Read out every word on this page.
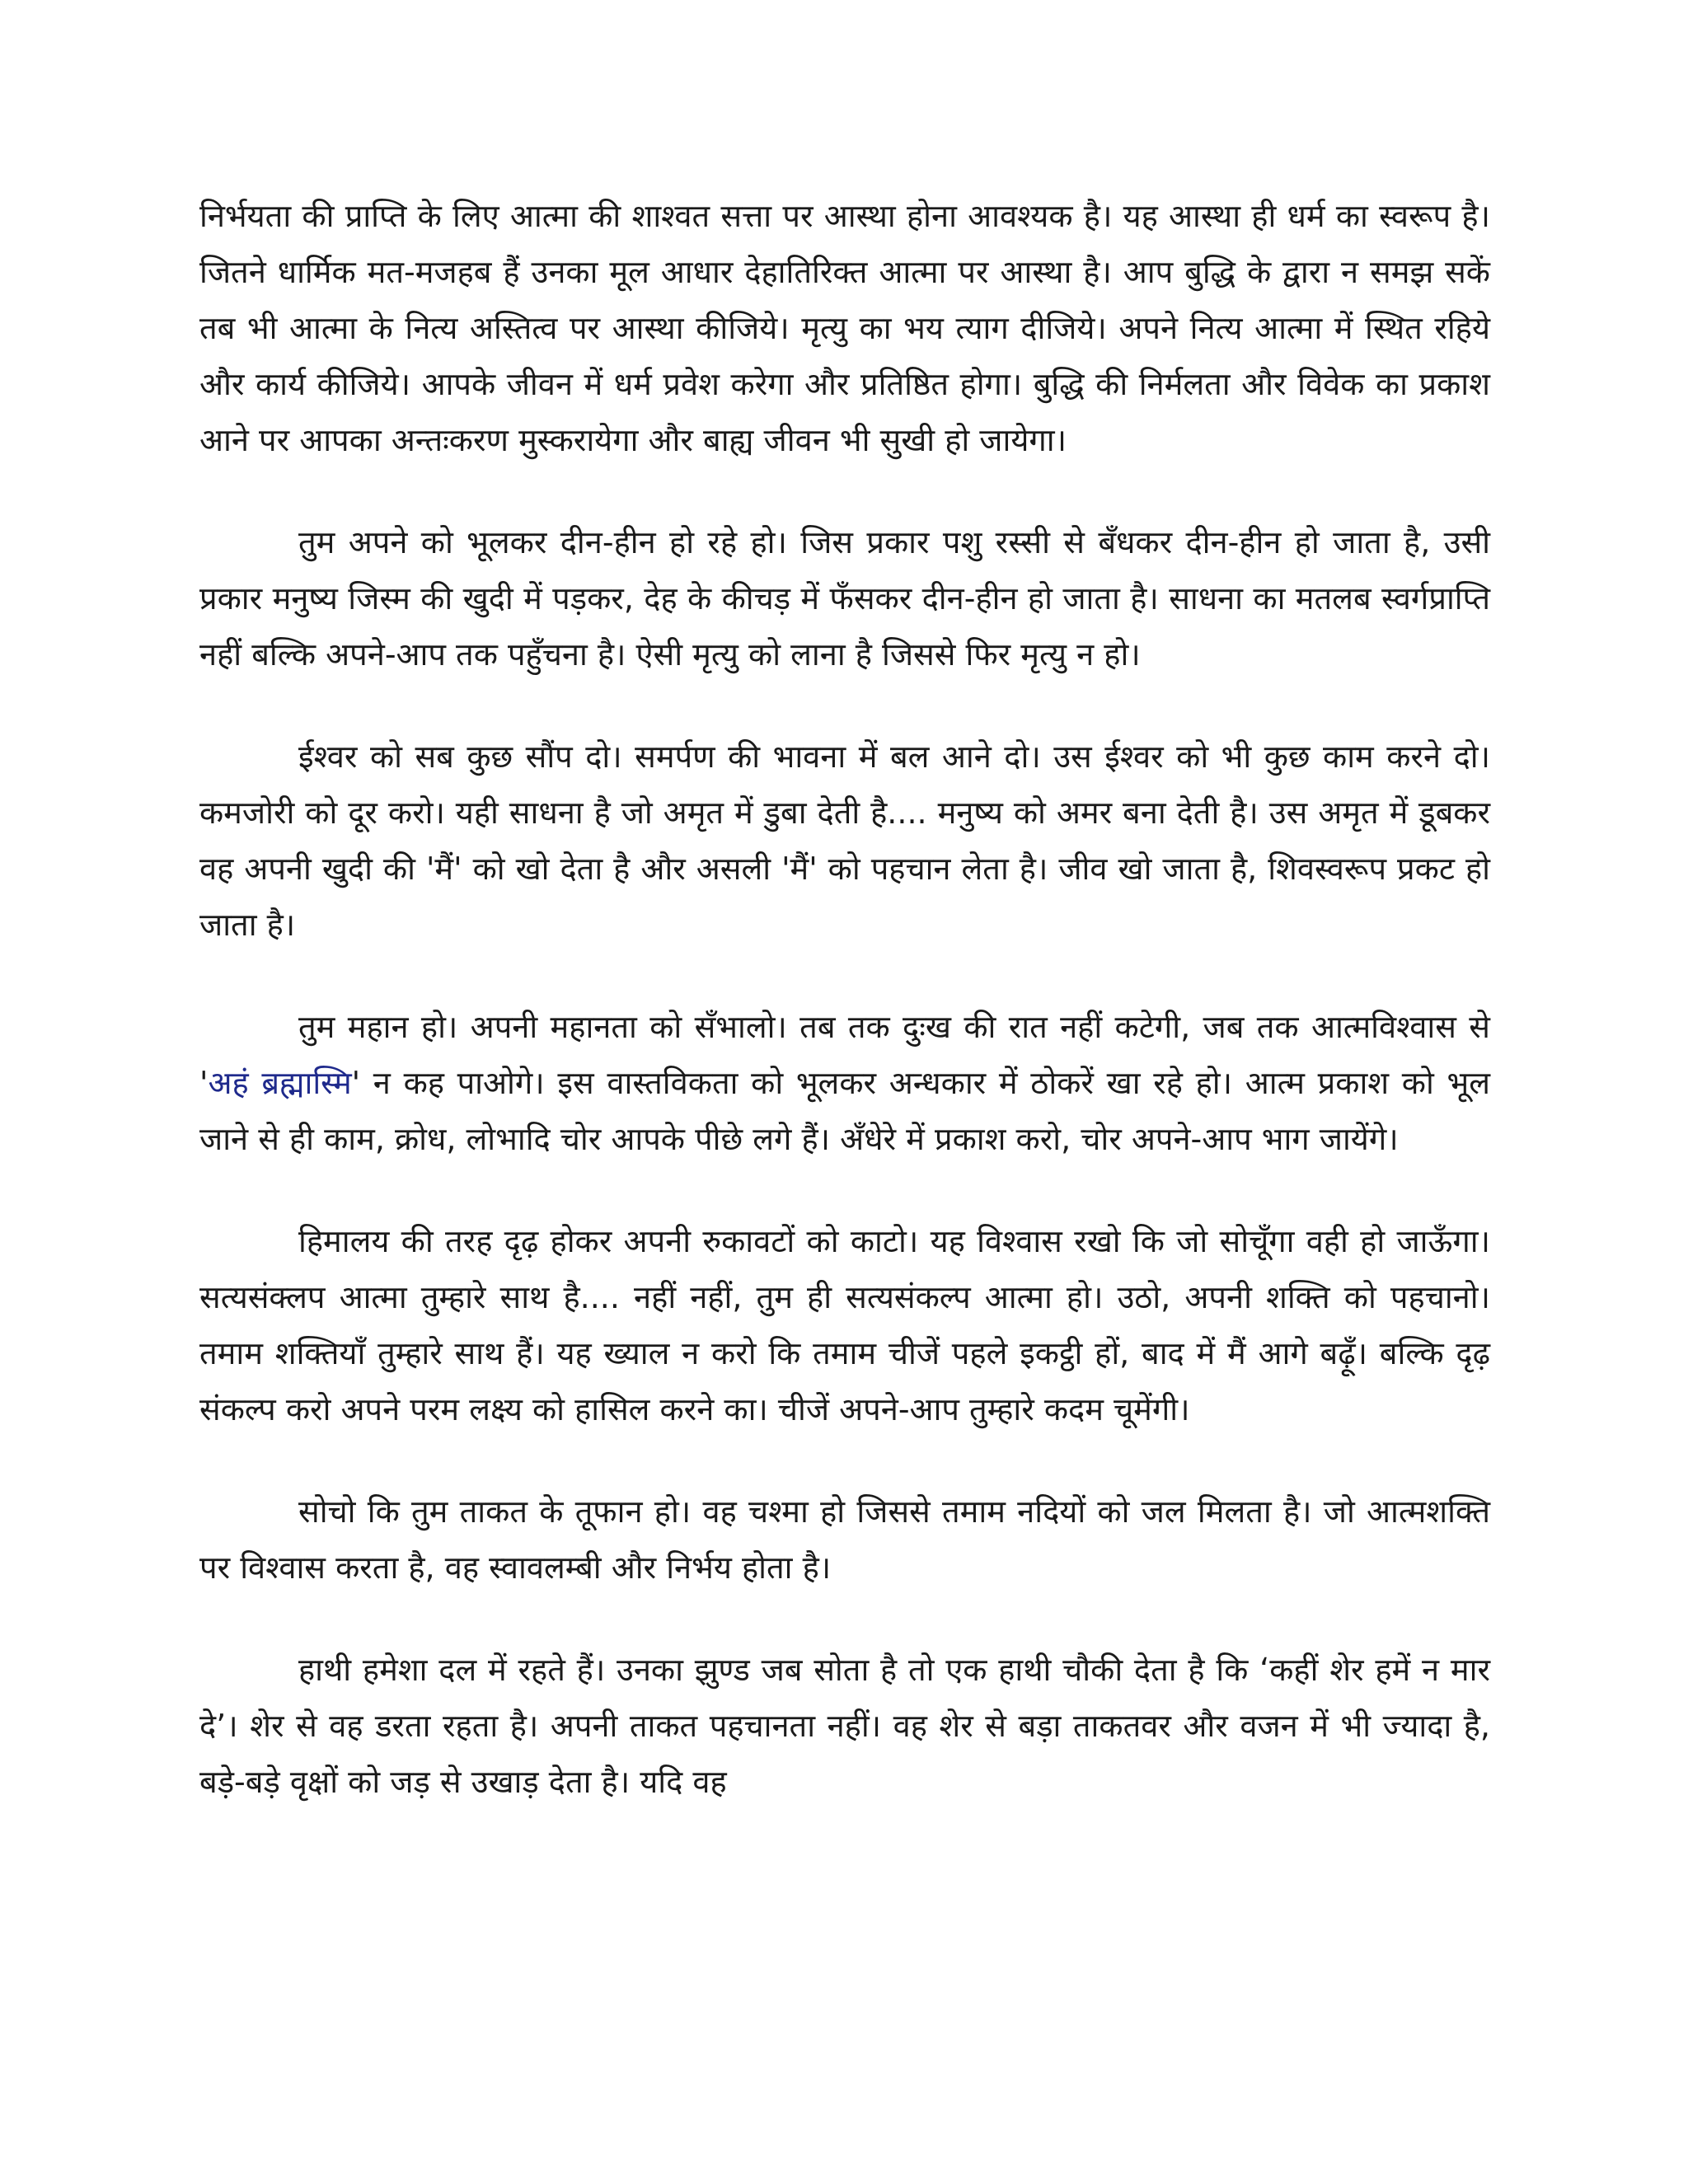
निर्भयता की प्राप्ति के लिए आत्मा की शाश्वत सत्ता पर आस्था होना आवश्यक है। यह आस्था ही धर्म का स्वरूप है। जितने धार्मिक मत-मजहब हैं उनका मूल आधार देहातिरिक्त आत्मा पर आस्था है। आप बुद्धि के द्वारा न समझ सकें तब भी आत्मा के नित्य अस्तित्व पर आस्था कीजिये। मृत्यु का भय त्याग दीजिये। अपने नित्य आत्मा में स्थित रहिये और कार्य कीजिये। आपके जीवन में धर्म प्रवेश करेगा और प्रतिष्ठित होगा। बुद्धि की निर्मलता और विवेक का प्रकाश आने पर आपका अन्तःकरण मुस्करायेगा और बाह्य जीवन भी सुखी हो जायेगा।

तुम अपने को भूलकर दीन-हीन हो रहे हो। जिस प्रकार पशु रस्सी से बँधकर दीन-हीन हो जाता है, उसी प्रकार मनुष्य जिस्म की खुदी में पड़कर, देह के कीचड़ में फँसकर दीन-हीन हो जाता है। साधना का मतलब स्वर्गप्राप्ति नहीं बल्कि अपने-आप तक पहुँचना है। ऐसी मृत्यु को लाना है जिससे फिर मृत्यु न हो।

ईश्वर को सब कुछ सौंप दो। समर्पण की भावना में बल आने दो। उस ईश्वर को भी कुछ काम करने दो। कमजोरी को दूर करो। यही साधना है जो अमृत में डुबा देती है.... मनुष्य को अमर बना देती है। उस अमृत में डूबकर वह अपनी खुदी की 'मैं' को खो देता है और असली 'मैं' को पहचान लेता है। जीव खो जाता है, शिवस्वरूप प्रकट हो जाता है।

तुम महान हो। अपनी महानता को सँभालो। तब तक दुःख की रात नहीं कटेगी, जब तक आत्मविश्वास से 'अहं ब्रह्मास्मि' न कह पाओगे। इस वास्तविकता को भूलकर अन्धकार में ठोकरें खा रहे हो। आत्म प्रकाश को भूल जाने से ही काम, क्रोध, लोभादि चोर आपके पीछे लगे हैं। अँधेरे में प्रकाश करो, चोर अपने-आप भाग जायेंगे।

हिमालय की तरह दृढ़ होकर अपनी रुकावटों को काटो। यह विश्वास रखो कि जो सोचूँगा वही हो जाऊँगा। सत्यसंक्लप आत्मा तुम्हारे साथ है.... नहीं नहीं, तुम ही सत्यसंकल्प आत्मा हो। उठो, अपनी शक्ति को पहचानो। तमाम शक्तियाँ तुम्हारे साथ हैं। यह ख्याल न करो कि तमाम चीजें पहले इकट्ठी हों, बाद में मैं आगे बढ़ूँ। बल्कि दृढ़ संकल्प करो अपने परम लक्ष्य को हासिल करने का। चीजें अपने-आप तुम्हारे कदम चूमेंगी।

सोचो कि तुम ताकत के तूफान हो। वह चश्मा हो जिससे तमाम नदियों को जल मिलता है। जो आत्मशक्ति पर विश्वास करता है, वह स्वावलम्बी और निर्भय होता है।

हाथी हमेशा दल में रहते हैं। उनका झुण्ड जब सोता है तो एक हाथी चौकी देता है कि ‘कहीं शेर हमें न मार दे’। शेर से वह डरता रहता है। अपनी ताकत पहचानता नहीं। वह शेर से बड़ा ताकतवर और वजन में भी ज्यादा है, बड़े-बड़े वृक्षों को जड़ से उखाड़ देता है। यदि वह
